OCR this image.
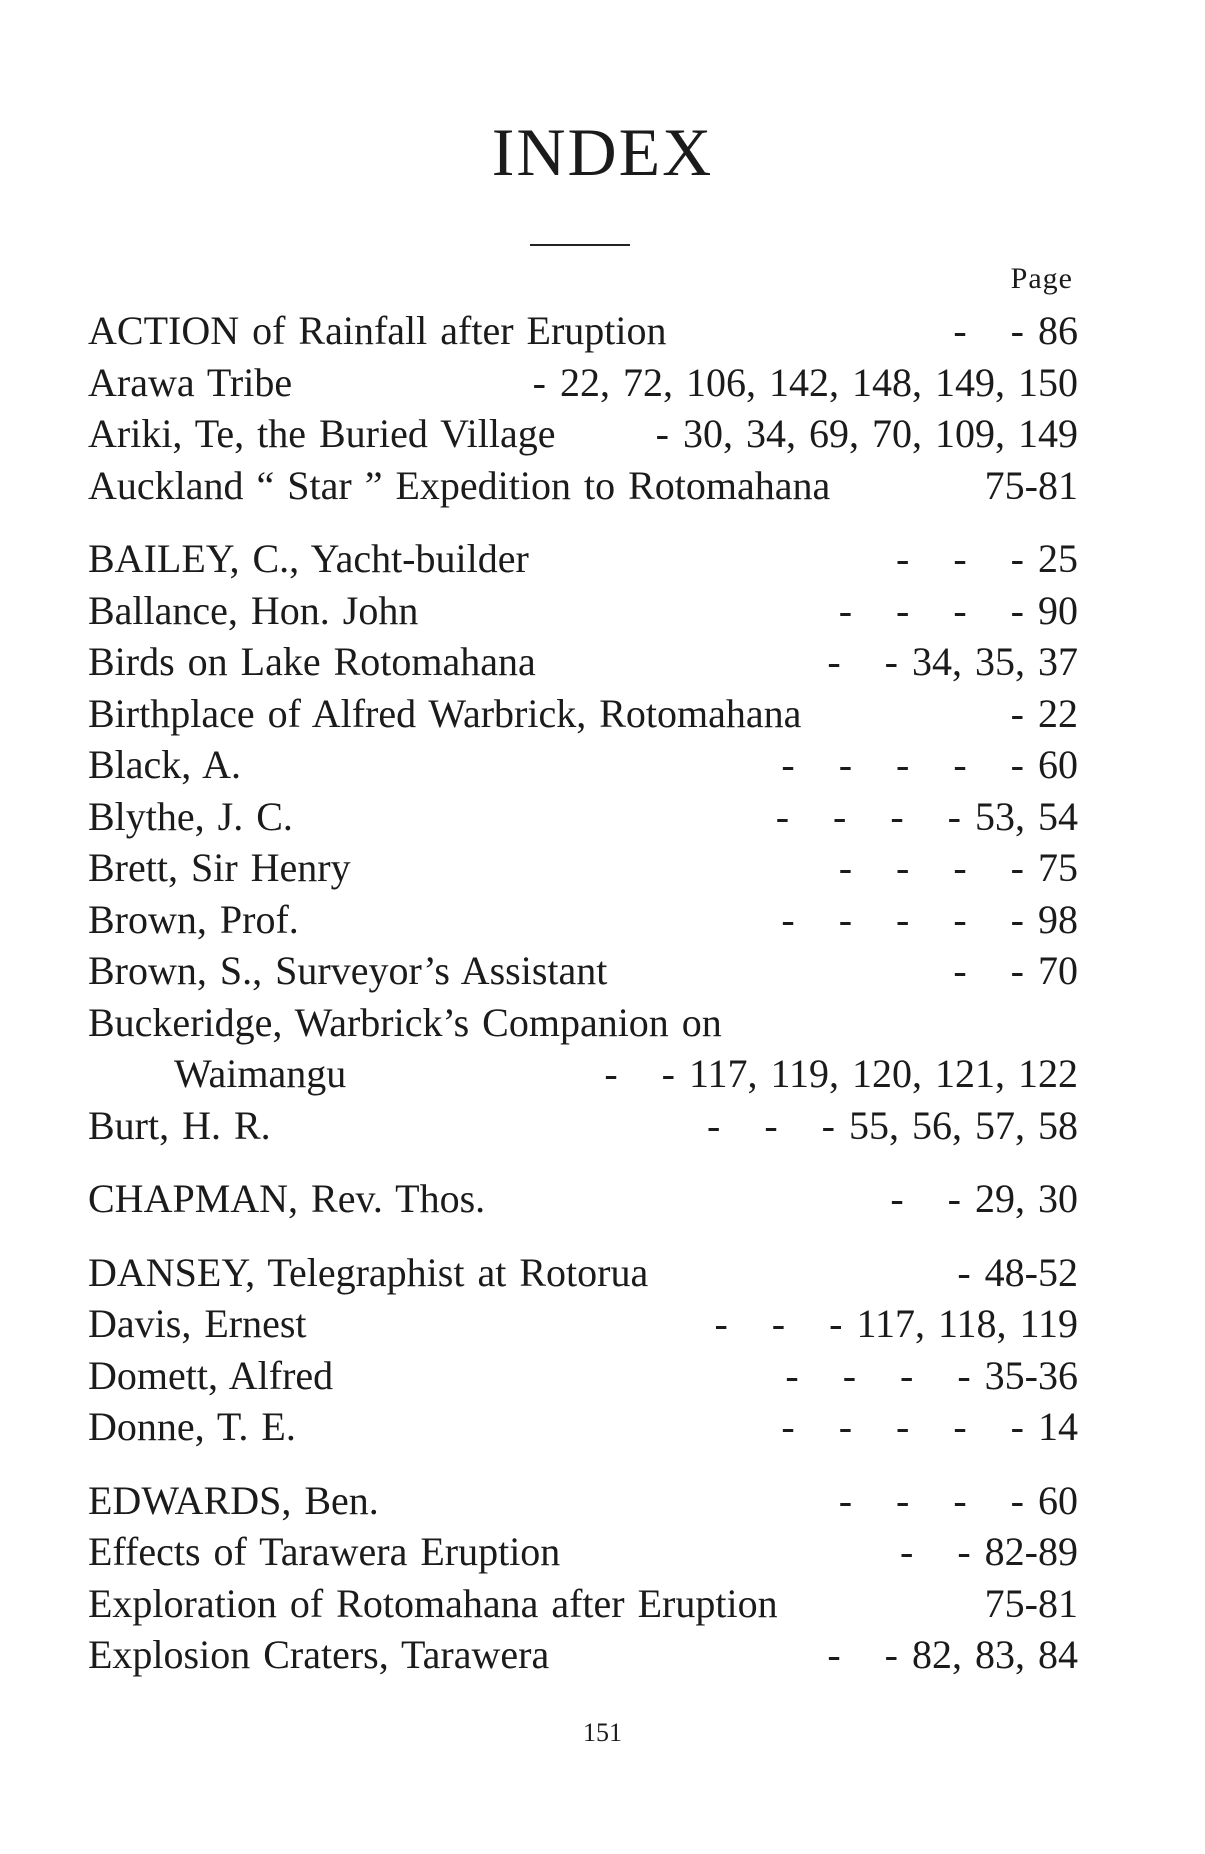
INDEX
Page
ACTION of Rainfall after Eruption	- - 86
Arawa Tribe	- 22, 72, 106, 142, 148, 149, 150
Ariki, Te, the Buried Village	- 30, 34, 69, 70, 109, 149
Auckland “ Star ” Expedition to Rotomahana	75-81
BAILEY, C., Yacht-builder	- - - 25
Ballance, Hon. John	- - - - 90
Birds on Lake Rotomahana	- - 34, 35, 37
Birthplace of Alfred Warbrick, Rotomahana	- 22
Black, A.	- - - - - 60
Blythe, J. C.	- - - - 53, 54
Brett, Sir Henry	- - - - 75
Brown, Prof.	- - - - - 98
Brown, S., Surveyor’s Assistant	- - 70
Buckeridge, Warbrick’s Companion on
Waimangu	- - 117, 119, 120, 121, 122
Burt, H. R.	- - - 55, 56, 57, 58
CHAPMAN, Rev. Thos.	- - 29, 30
DANSEY, Telegraphist at Rotorua	- 48-52
Davis, Ernest	- - - 117, 118, 119
Domett, Alfred	- - - - 35-36
Donne, T. E.	- - - - - 14
EDWARDS, Ben.	- - - - 60
Effects of Tarawera Eruption	- - 82-89
Exploration of Rotomahana after Eruption	75-81
Explosion Craters, Tarawera	- - 82, 83, 84
151
